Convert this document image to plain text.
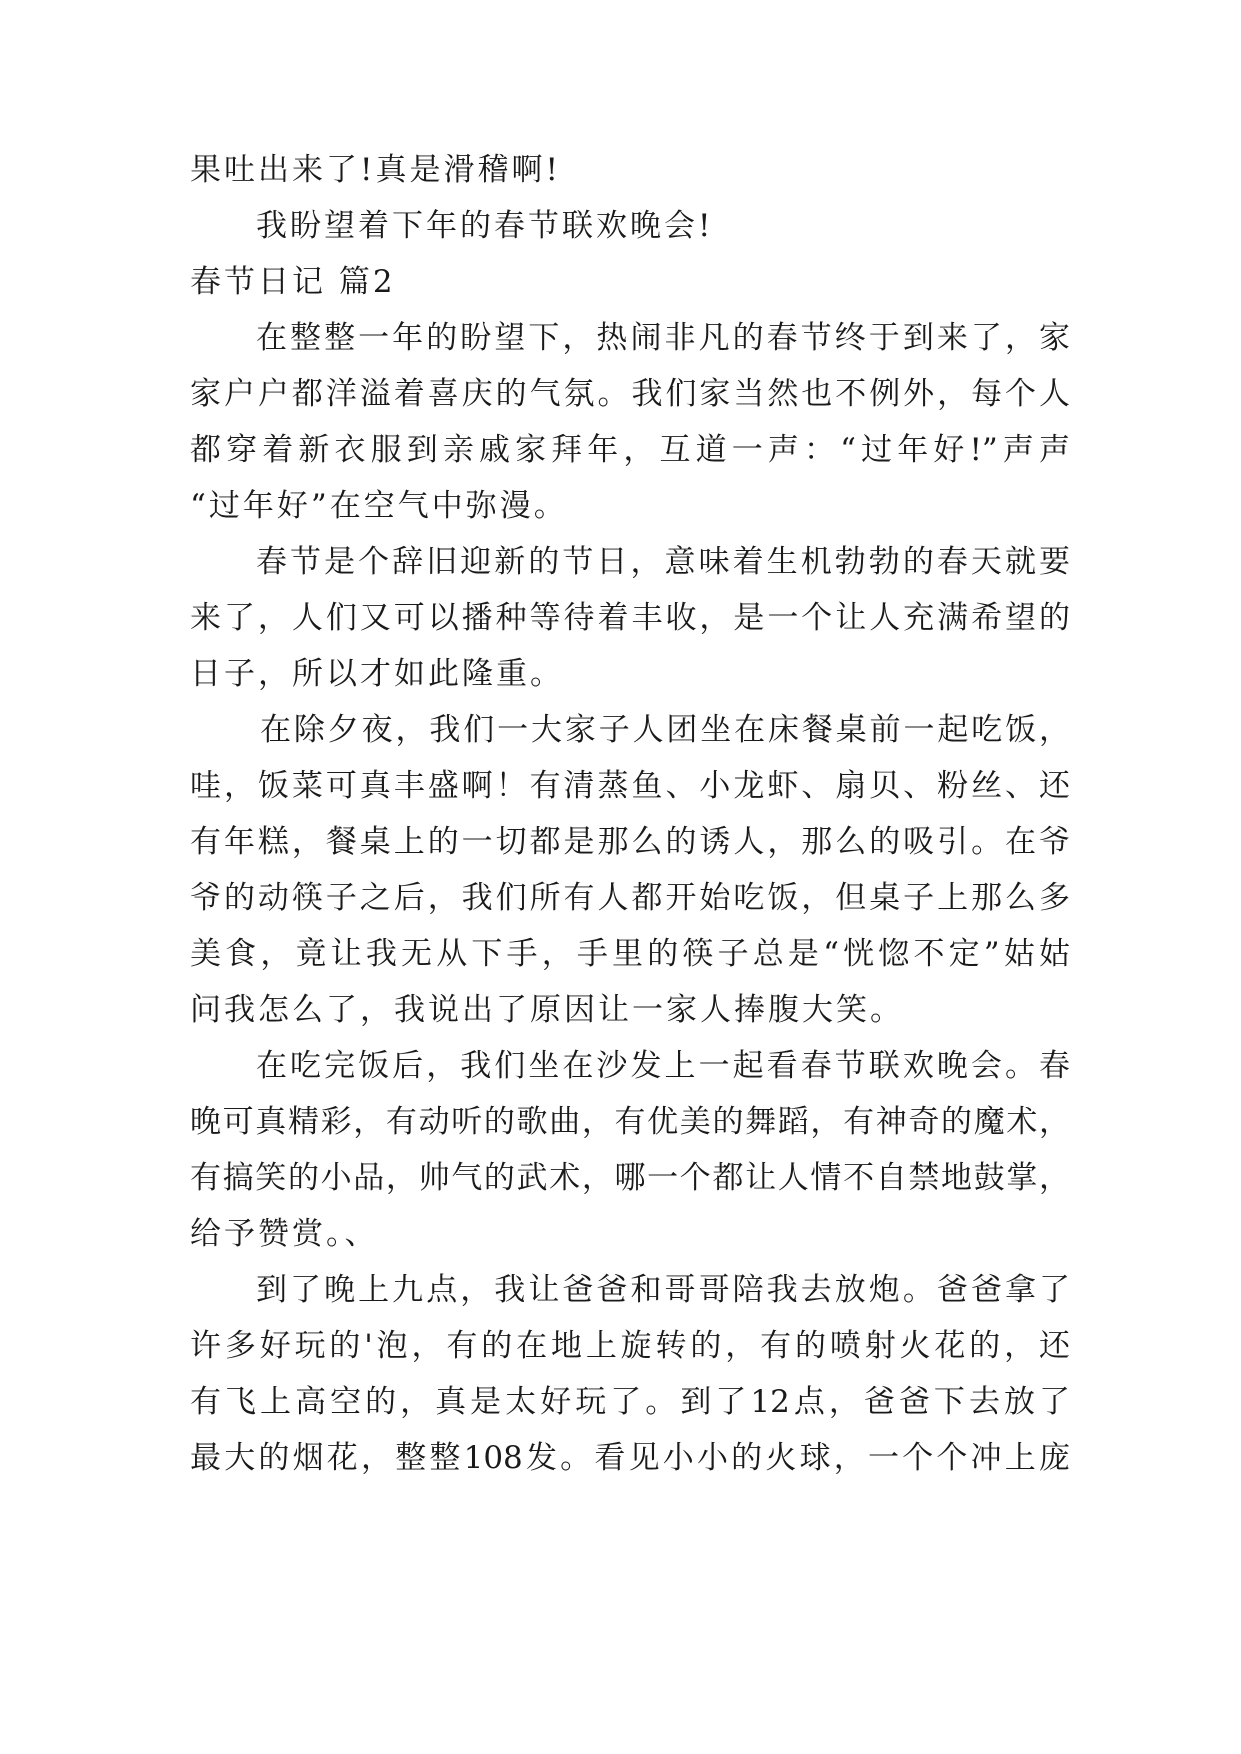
果吐出来了!真是滑稽啊!
我盼望着下年的春节联欢晚会!
春节日记 篇2
在整整一年的盼望下，热闹非凡的春节终于到来了，家
家户户都洋溢着喜庆的气氛。我们家当然也不例外，每个人
都穿着新衣服到亲戚家拜年，互道一声：“过年好!”声声
“过年好”在空气中弥漫。
春节是个辞旧迎新的节日，意味着生机勃勃的春天就要
来了，人们又可以播种等待着丰收，是一个让人充满希望的
日子，所以才如此隆重。
在除夕夜，我们一大家子人团坐在床餐桌前一起吃饭，
哇，饭菜可真丰盛啊！有清蒸鱼、小龙虾、扇贝、粉丝、还
有年糕，餐桌上的一切都是那么的诱人，那么的吸引。在爷
爷的动筷子之后，我们所有人都开始吃饭，但桌子上那么多
美食，竟让我无从下手，手里的筷子总是“恍惚不定”姑姑
问我怎么了，我说出了原因让一家人捧腹大笑。
在吃完饭后，我们坐在沙发上一起看春节联欢晚会。春
晚可真精彩，有动听的歌曲，有优美的舞蹈，有神奇的魔术，
有搞笑的小品，帅气的武术，哪一个都让人情不自禁地鼓掌，
给予赞赏。、
到了晚上九点，我让爸爸和哥哥陪我去放炮。爸爸拿了
许多好玩的'泡，有的在地上旋转的，有的喷射火花的，还
有飞上高空的，真是太好玩了。到了12点，爸爸下去放了
最大的烟花，整整108发。看见小小的火球，一个个冲上庞
